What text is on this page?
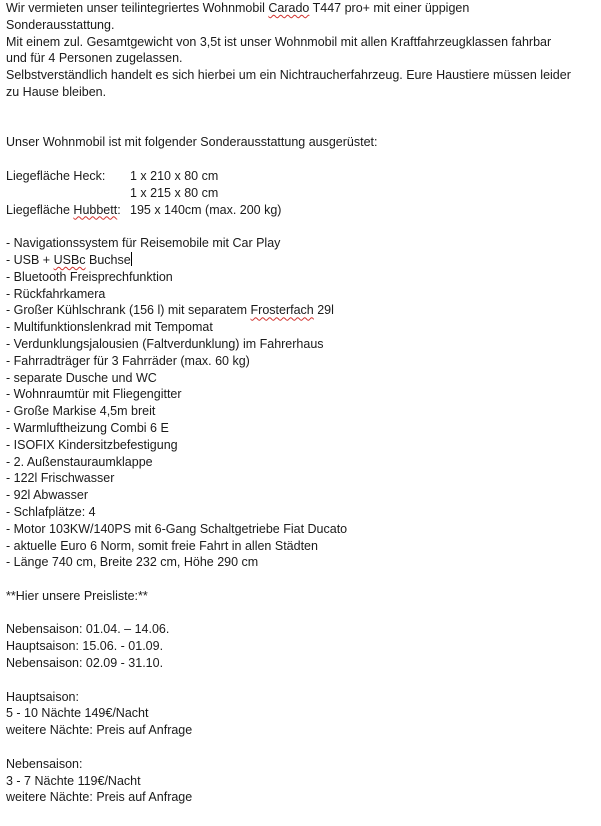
Wir vermieten unser teilintegriertes Wohnmobil Carado T447 pro+ mit einer üppigen
Sonderausstattung.
Mit einem zul. Gesamtgewicht von 3,5t ist unser Wohnmobil mit allen Kraftfahrzeugklassen fahrbar
und für 4 Personen zugelassen.
Selbstverständlich handelt es sich hierbei um ein Nichtraucherfahrzeug. Eure Haustiere müssen leider
zu Hause bleiben.
Unser Wohnmobil ist mit folgender Sonderausstattung ausgerüstet:
Liegefläche Heck:	1 x 210 x 80 cm
1 x 215 x 80 cm
Liegefläche Hubbett: 195 x 140cm (max. 200 kg)
- Navigationssystem für Reisemobile mit Car Play
- USB + USBc Buchse
- Bluetooth Freisprechfunktion
- Rückfahrkamera
- Großer Kühlschrank (156 l) mit separatem Frosterfach 29l
- Multifunktionslenkrad mit Tempomat
- Verdunklungsjalousien (Faltverdunklung) im Fahrerhaus
- Fahrradträger für 3 Fahrräder (max. 60 kg)
- separate Dusche und WC
- Wohnraumtür mit Fliegengitter
- Große Markise 4,5m breit
- Warmluftheizung Combi 6 E
- ISOFIX Kindersitzbefestigung
- 2. Außenstauraumklappe
- 122l Frischwasser
- 92l Abwasser
- Schlafplätze: 4
- Motor 103KW/140PS mit 6-Gang Schaltgetriebe Fiat Ducato
- aktuelle Euro 6 Norm, somit freie Fahrt in allen Städten
- Länge 740 cm, Breite 232 cm, Höhe 290 cm
**Hier unsere Preisliste:**
Nebensaison: 01.04. – 14.06.
Hauptsaison: 15.06. - 01.09.
Nebensaison: 02.09 - 31.10.
Hauptsaison:
5 - 10 Nächte 149€/Nacht
weitere Nächte: Preis auf Anfrage
Nebensaison:
3 - 7 Nächte 119€/Nacht
weitere Nächte: Preis auf Anfrage
